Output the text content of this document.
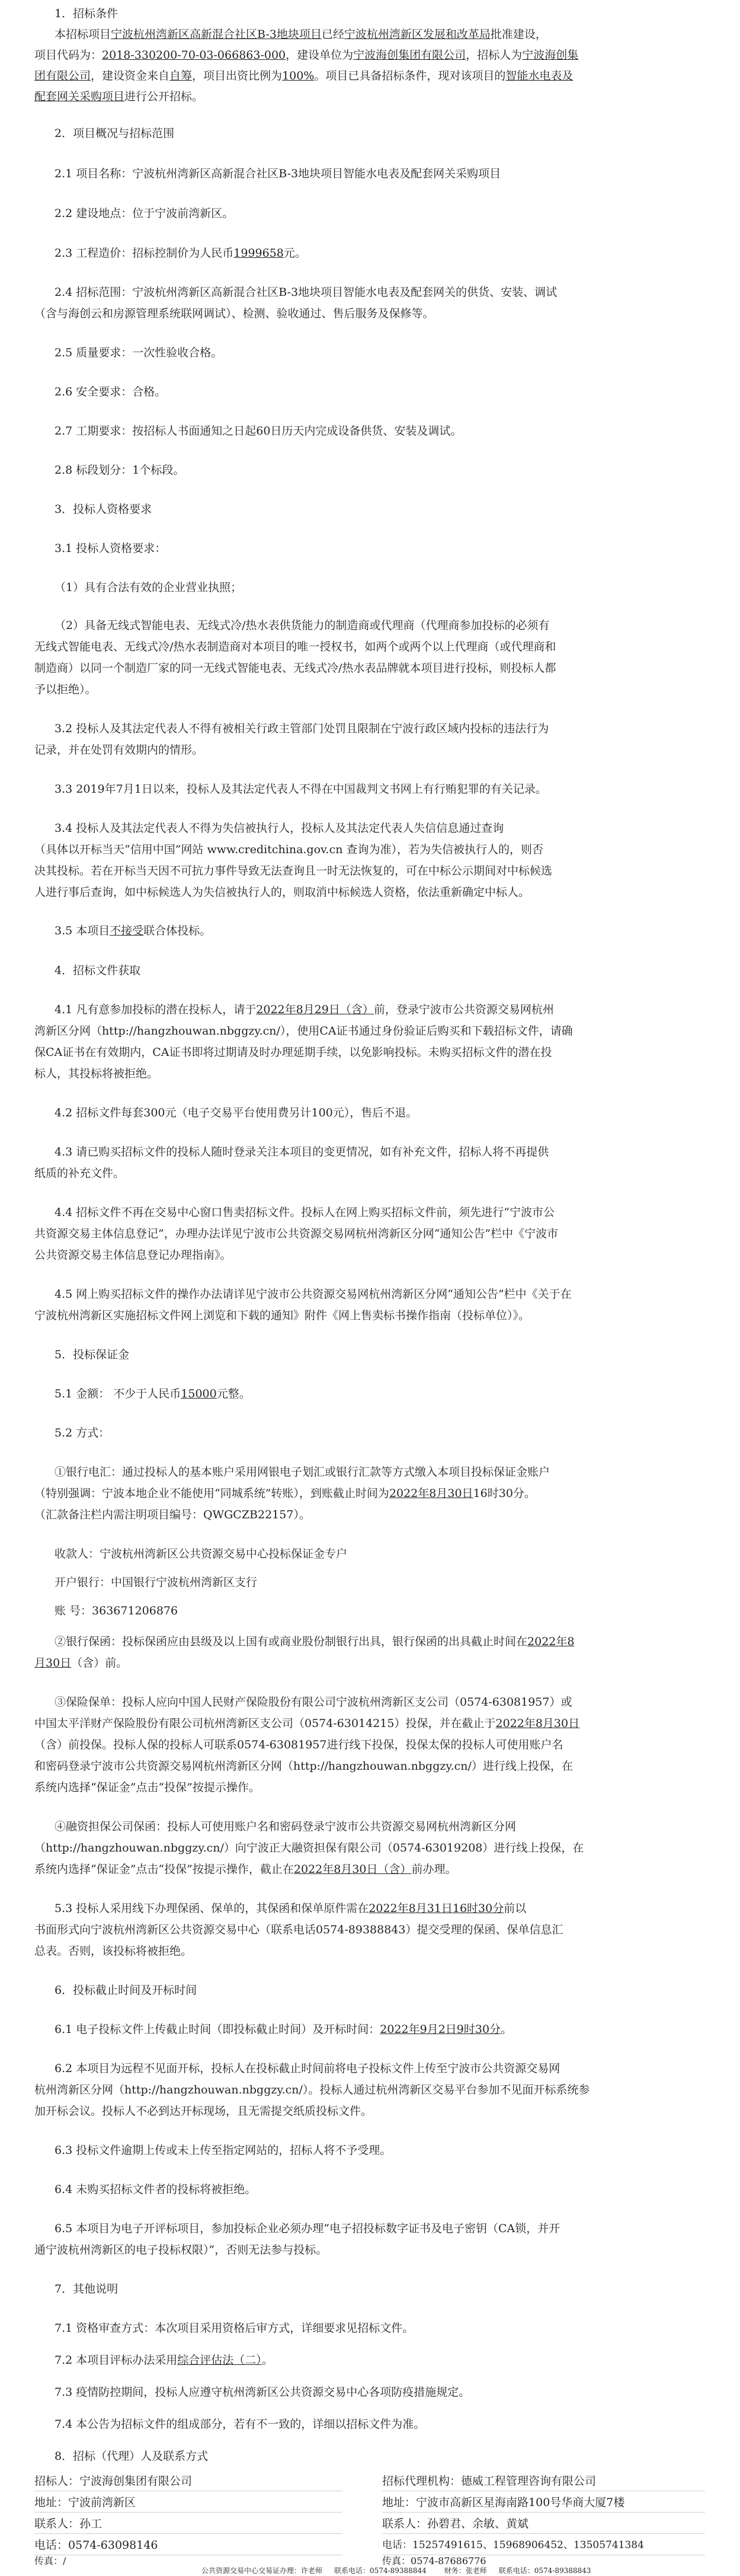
1．招标条件
本招标项目宁波杭州湾新区高新混合社区B-3地块项目已经宁波杭州湾新区发展和改革局批准建设，
项目代码为：2018-330200-70-03-066863-000，建设单位为宁波海创集团有限公司，招标人为宁波海创集
团有限公司，建设资金来自自筹，项目出资比例为100%。项目已具备招标条件，现对该项目的智能水电表及
配套网关采购项目进行公开招标。
2．项目概况与招标范围
2.1 项目名称：宁波杭州湾新区高新混合社区B-3地块项目智能水电表及配套网关采购项目
2.2 建设地点：位于宁波前湾新区。
2.3 工程造价：招标控制价为人民币1999658元。
2.4 招标范围：宁波杭州湾新区高新混合社区B-3地块项目智能水电表及配套网关的供货、安装、调试
（含与海创云和房源管理系统联网调试）、检测、验收通过、售后服务及保修等。
2.5 质量要求：一次性验收合格。
2.6 安全要求：合格。
2.7 工期要求：按招标人书面通知之日起60日历天内完成设备供货、安装及调试。
2.8 标段划分：1个标段。
3．投标人资格要求
3.1 投标人资格要求：
（1）具有合法有效的企业营业执照；
（2）具备无线式智能电表、无线式冷/热水表供货能力的制造商或代理商（代理商参加投标的必须有
无线式智能电表、无线式冷/热水表制造商对本项目的唯一授权书，如两个或两个以上代理商（或代理商和
制造商）以同一个制造厂家的同一无线式智能电表、无线式冷/热水表品牌就本项目进行投标，则投标人都
予以拒绝）。
3.2 投标人及其法定代表人不得有被相关行政主管部门处罚且限制在宁波行政区域内投标的违法行为
记录，并在处罚有效期内的情形。
3.3 2019年7月1日以来，投标人及其法定代表人不得在中国裁判文书网上有行贿犯罪的有关记录。
3.4 投标人及其法定代表人不得为失信被执行人，投标人及其法定代表人失信信息通过查询
（具体以开标当天“信用中国”网站 www.creditchina.gov.cn 查询为准），若为失信被执行人的，则否
决其投标。若在开标当天因不可抗力事件导致无法查询且一时无法恢复的，可在中标公示期间对中标候选
人进行事后查询，如中标候选人为失信被执行人的，则取消中标候选人资格，依法重新确定中标人。
3.5 本项目不接受联合体投标。
4．招标文件获取
4.1 凡有意参加投标的潜在投标人，请于2022年8月29日（含）前，登录宁波市公共资源交易网杭州
湾新区分网（http://hangzhouwan.nbggzy.cn/），使用CA证书通过身份验证后购买和下载招标文件，请确
保CA证书在有效期内，CA证书即将过期请及时办理延期手续，以免影响投标。未购买招标文件的潜在投
标人，其投标将被拒绝。
4.2 招标文件每套300元（电子交易平台使用费另计100元），售后不退。
4.3 请已购买招标文件的投标人随时登录关注本项目的变更情况，如有补充文件，招标人将不再提供
纸质的补充文件。
4.4 招标文件不再在交易中心窗口售卖招标文件。投标人在网上购买招标文件前，须先进行“宁波市公
共资源交易主体信息登记”，办理办法详见宁波市公共资源交易网杭州湾新区分网“通知公告”栏中《宁波市
公共资源交易主体信息登记办理指南》。
4.5 网上购买招标文件的操作办法请详见宁波市公共资源交易网杭州湾新区分网“通知公告”栏中《关于在
宁波杭州湾新区实施招标文件网上浏览和下载的通知》附件《网上售卖标书操作指南（投标单位）》。
5．投标保证金
5.1 金额： 不少于人民币15000元整。
5.2 方式：
①银行电汇：通过投标人的基本账户采用网银电子划汇或银行汇款等方式缴入本项目投标保证金账户
（特别强调：宁波本地企业不能使用“同城系统”转账），到账截止时间为2022年8月30日16时30分。
（汇款备注栏内需注明项目编号：QWGCZB22157）。
收款人：宁波杭州湾新区公共资源交易中心投标保证金专户
开户银行：中国银行宁波杭州湾新区支行
账 号：363671206876
②银行保函：投标保函应由县级及以上国有或商业股份制银行出具，银行保函的出具截止时间在2022年8
月30日（含）前。
③保险保单：投标人应向中国人民财产保险股份有限公司宁波杭州湾新区支公司（0574-63081957）或
中国太平洋财产保险股份有限公司杭州湾新区支公司（0574-63014215）投保，并在截止于2022年8月30日
（含）前投保。投标人保的投标人可联系0574-63081957进行线下投保，投保太保的投标人可使用账户名
和密码登录宁波市公共资源交易网杭州湾新区分网（http://hangzhouwan.nbggzy.cn/）进行线上投保，在
系统内选择“保证金”点击“投保”按提示操作。
④融资担保公司保函：投标人可使用账户名和密码登录宁波市公共资源交易网杭州湾新区分网
（http://hangzhouwan.nbggzy.cn/）向宁波正大融资担保有限公司（0574-63019208）进行线上投保，在
系统内选择“保证金”点击“投保”按提示操作，截止在2022年8月30日（含）前办理。
5.3 投标人采用线下办理保函、保单的，其保函和保单原件需在2022年8月31日16时30分前以
书面形式向宁波杭州湾新区公共资源交易中心（联系电话0574-89388843）提交受理的保函、保单信息汇
总表。否则，该投标将被拒绝。
6．投标截止时间及开标时间
6.1 电子投标文件上传截止时间（即投标截止时间）及开标时间：2022年9月2日9时30分。
6.2 本项目为远程不见面开标，投标人在投标截止时间前将电子投标文件上传至宁波市公共资源交易网
杭州湾新区分网（http://hangzhouwan.nbggzy.cn/）。投标人通过杭州湾新区交易平台参加不见面开标系统参
加开标会议。投标人不必到达开标现场，且无需提交纸质投标文件。
6.3 投标文件逾期上传或未上传至指定网站的，招标人将不予受理。
6.4 未购买招标文件者的投标将被拒绝。
6.5 本项目为电子开评标项目，参加投标企业必须办理“电子招投标数字证书及电子密钥（CA锁，并开
通宁波杭州湾新区的电子投标权限）”，否则无法参与投标。
7．其他说明
7.1 资格审查方式：本次项目采用资格后审方式，详细要求见招标文件。
7.2 本项目评标办法采用综合评估法（二）。
7.3 疫情防控期间，投标人应遵守杭州湾新区公共资源交易中心各项防疫措施规定。
7.4 本公告为招标文件的组成部分，若有不一致的，详细以招标文件为准。
8．招标（代理）人及联系方式
招标人：宁波海创集团有限公司	招标代理机构：德威工程管理咨询有限公司
地址：宁波前湾新区	地址：宁波市高新区星海南路100号华商大厦7楼
联系人：孙工	联系人：孙碧君、余敏、黄斌
电话：0574-63098146	电话：15257491615、15968906452、13505741384
传真：/	传真：0574-87686776
公共资源交易中心交易证办理：许老师 联系电话：0574-89388844	财务：张老师 联系电话：0574-89388843
